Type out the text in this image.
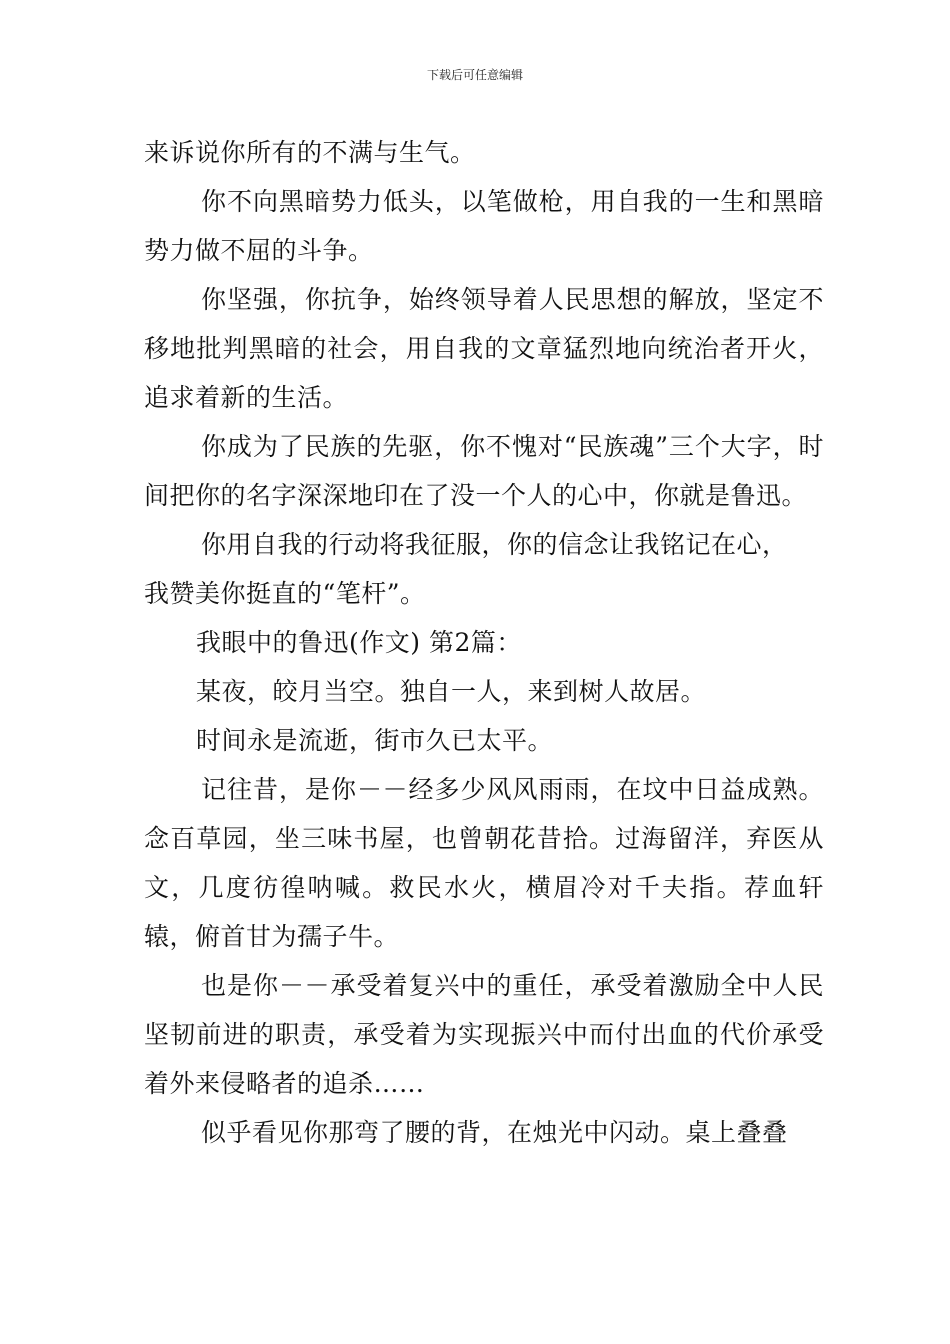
下载后可任意编辑

来诉说你所有的不满与生气。

你不向黑暗势力低头，以笔做枪，用自我的一生和黑暗势力做不屈的斗争。

你坚强，你抗争，始终领导着人民思想的解放，坚定不移地批判黑暗的社会，用自我的文章猛烈地向统治者开火，追求着新的生活。

你成为了民族的先驱，你不愧对“民族魂”三个大字，时间把你的名字深深地印在了没一个人的心中，你就是鲁迅。

你用自我的行动将我征服，你的信念让我铭记在心，

我赞美你挺直的“笔杆”。

我眼中的鲁迅(作文) 第2篇：

某夜，皎月当空。独自一人，来到树人故居。

时间永是流逝，街市久已太平。

记往昔，是你－－经多少风风雨雨，在坟中日益成熟。念百草园，坐三味书屋，也曾朝花昔拾。过海留洋，弃医从文，几度彷徨呐喊。救民水火，横眉冷对千夫指。荐血轩辕，俯首甘为孺子牛。

也是你－－承受着复兴中的重任，承受着激励全中人民坚韧前进的职责，承受着为实现振兴中而付出血的代价承受着外来侵略者的追杀……

似乎看见你那弯了腰的背，在烛光中闪动。桌上叠叠
